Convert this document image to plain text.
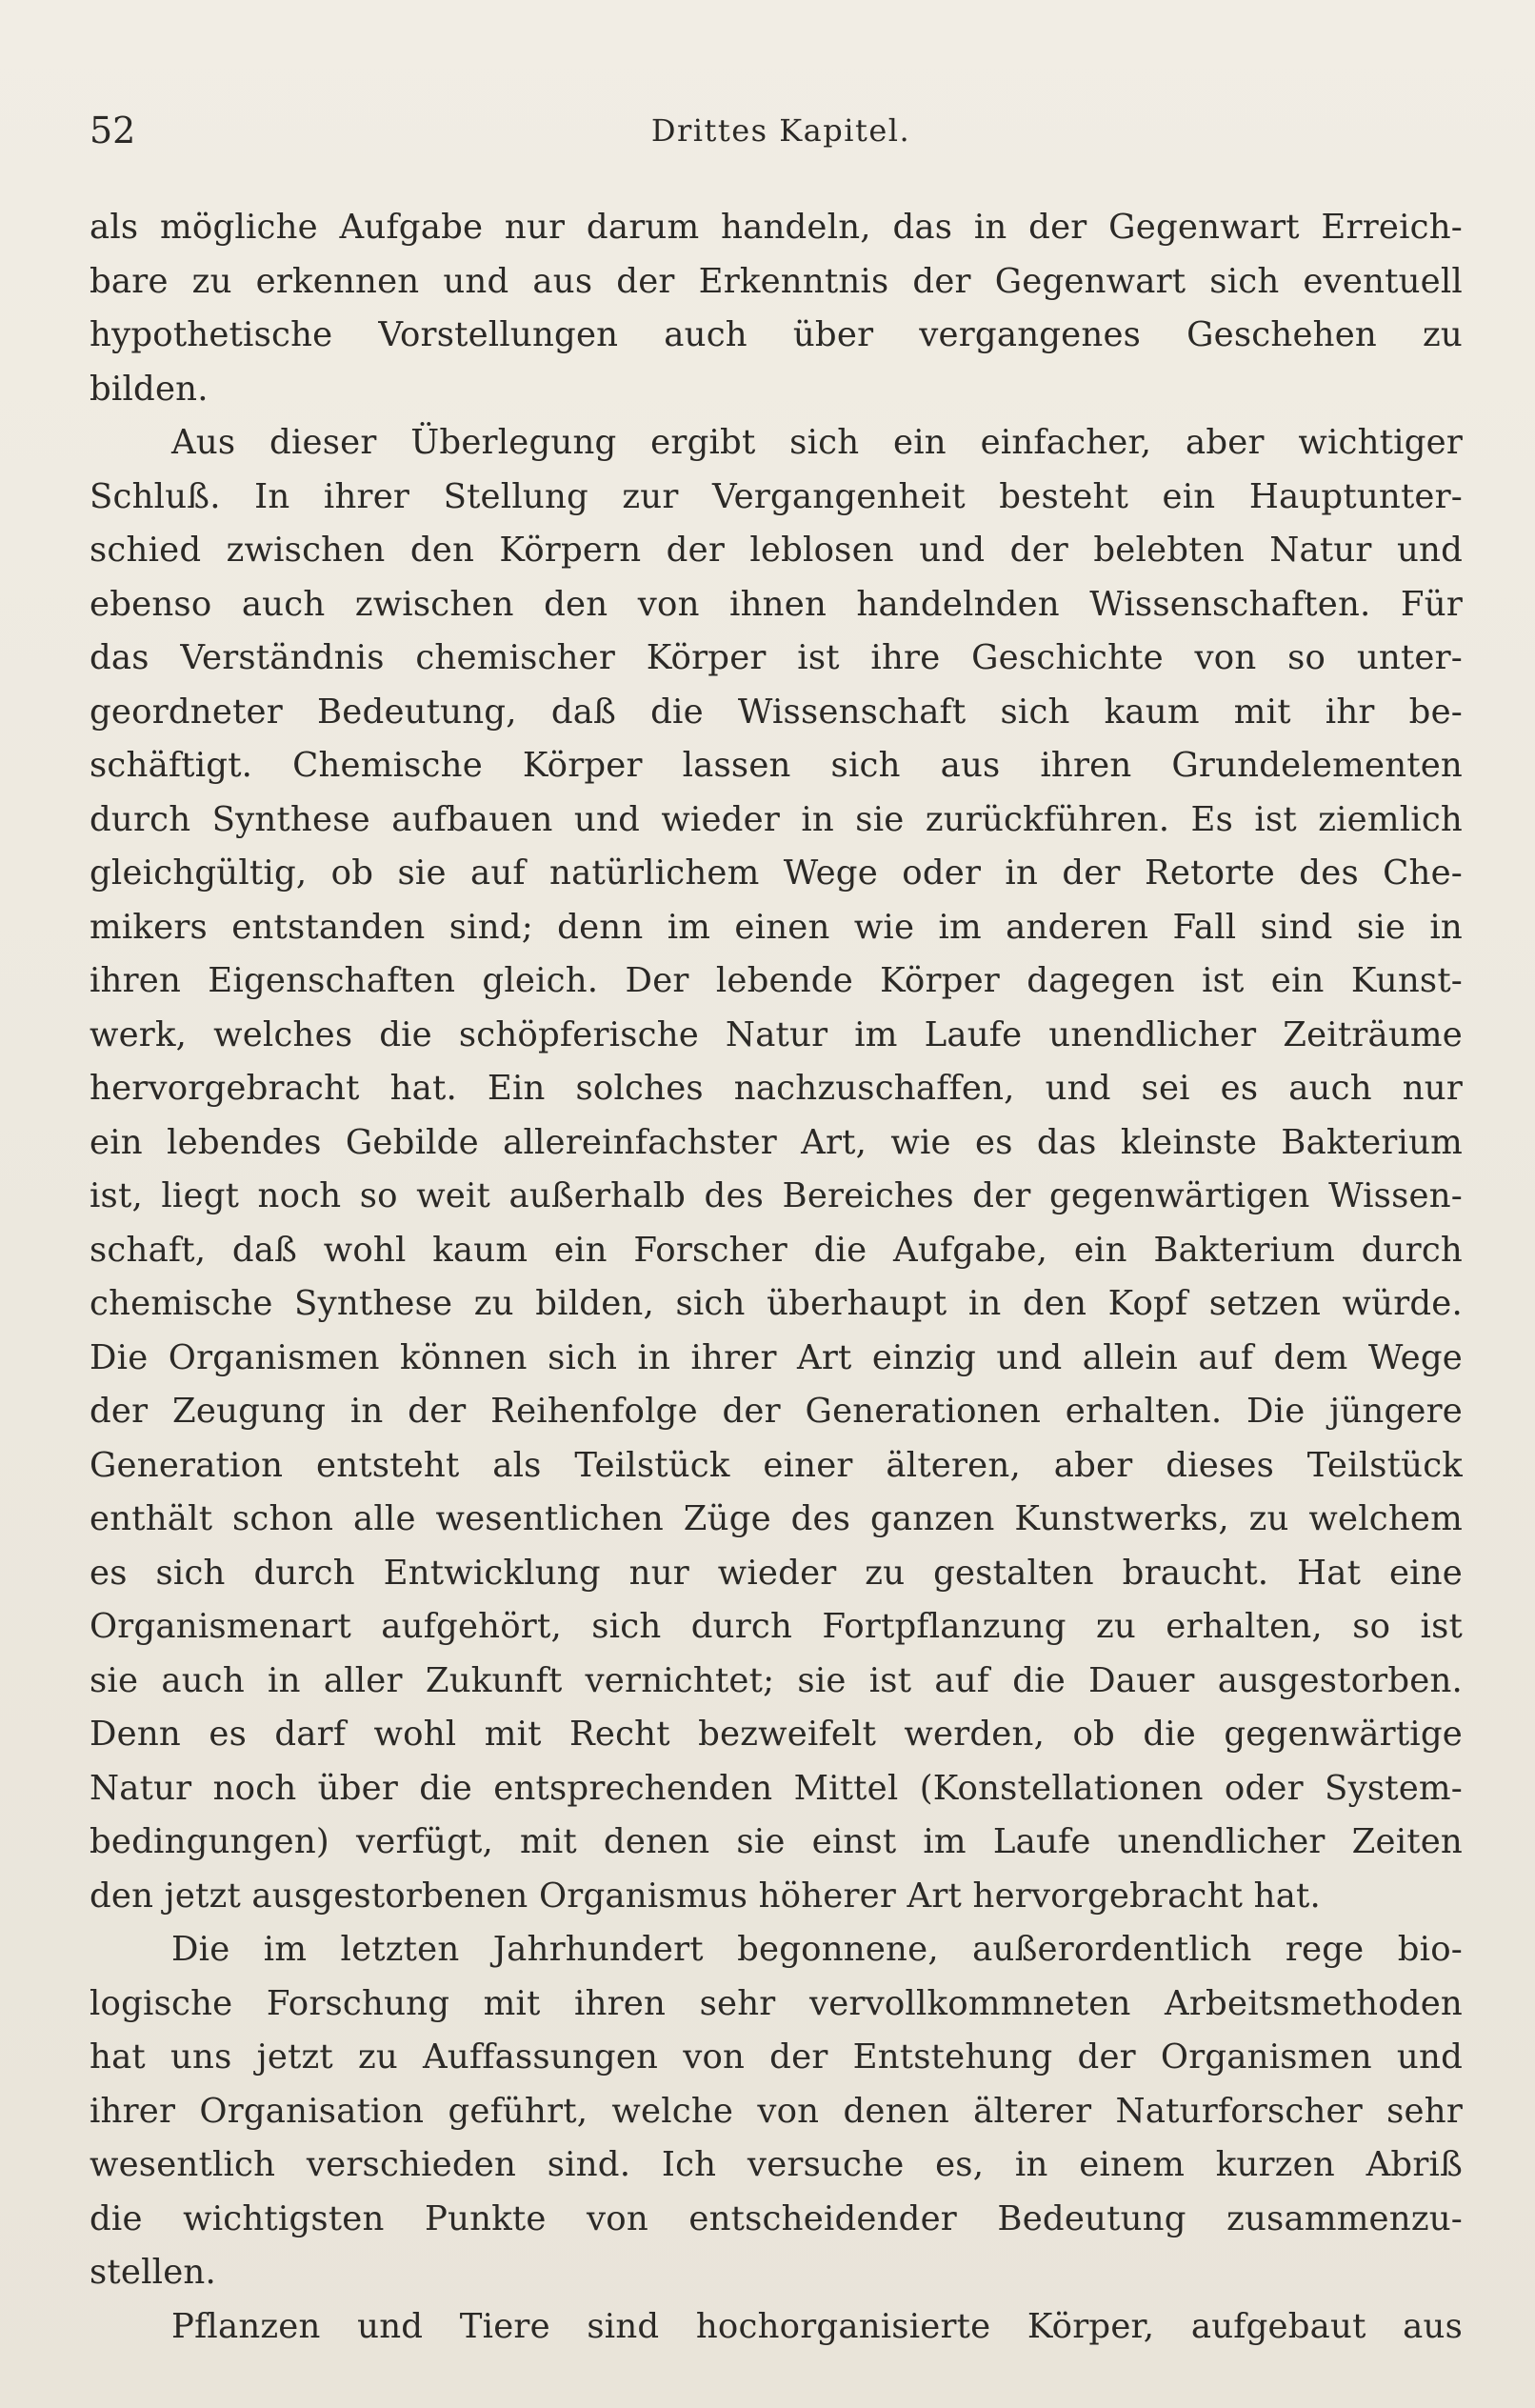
52	Drittes Kapitel.
als mögliche Aufgabe nur darum handeln, das in der Gegenwart Erreich-
bare zu erkennen und aus der Erkenntnis der Gegenwart sich eventuell
hypothetische Vorstellungen auch über vergangenes Geschehen zu
bilden.
Aus dieser Überlegung ergibt sich ein einfacher, aber wichtiger
Schluß. In ihrer Stellung zur Vergangenheit besteht ein Hauptunter-
schied zwischen den Körpern der leblosen und der belebten Natur und
ebenso auch zwischen den von ihnen handelnden Wissenschaften. Für
das Verständnis chemischer Körper ist ihre Geschichte von so unter-
geordneter Bedeutung, daß die Wissenschaft sich kaum mit ihr be-
schäftigt. Chemische Körper lassen sich aus ihren Grundelementen
durch Synthese aufbauen und wieder in sie zurückführen. Es ist ziemlich
gleichgültig, ob sie auf natürlichem Wege oder in der Retorte des Che-
mikers entstanden sind; denn im einen wie im anderen Fall sind sie in
ihren Eigenschaften gleich. Der lebende Körper dagegen ist ein Kunst-
werk, welches die schöpferische Natur im Laufe unendlicher Zeiträume
hervorgebracht hat. Ein solches nachzuschaffen, und sei es auch nur
ein lebendes Gebilde allereinfachster Art, wie es das kleinste Bakterium
ist, liegt noch so weit außerhalb des Bereiches der gegenwärtigen Wissen-
schaft, daß wohl kaum ein Forscher die Aufgabe, ein Bakterium durch
chemische Synthese zu bilden, sich überhaupt in den Kopf setzen würde.
Die Organismen können sich in ihrer Art einzig und allein auf dem Wege
der Zeugung in der Reihenfolge der Generationen erhalten. Die jüngere
Generation entsteht als Teilstück einer älteren, aber dieses Teilstück
enthält schon alle wesentlichen Züge des ganzen Kunstwerks, zu welchem
es sich durch Entwicklung nur wieder zu gestalten braucht. Hat eine
Organismenart aufgehört, sich durch Fortpflanzung zu erhalten, so ist
sie auch in aller Zukunft vernichtet; sie ist auf die Dauer ausgestorben.
Denn es darf wohl mit Recht bezweifelt werden, ob die gegenwärtige
Natur noch über die entsprechenden Mittel (Konstellationen oder System-
bedingungen) verfügt, mit denen sie einst im Laufe unendlicher Zeiten
den jetzt ausgestorbenen Organismus höherer Art hervorgebracht hat.
Die im letzten Jahrhundert begonnene, außerordentlich rege bio-
logische Forschung mit ihren sehr vervollkommneten Arbeitsmethoden
hat uns jetzt zu Auffassungen von der Entstehung der Organismen und
ihrer Organisation geführt, welche von denen älterer Naturforscher sehr
wesentlich verschieden sind. Ich versuche es, in einem kurzen Abriß
die wichtigsten Punkte von entscheidender Bedeutung zusammenzu-
stellen.
Pflanzen und Tiere sind hochorganisierte Körper, aufgebaut aus
